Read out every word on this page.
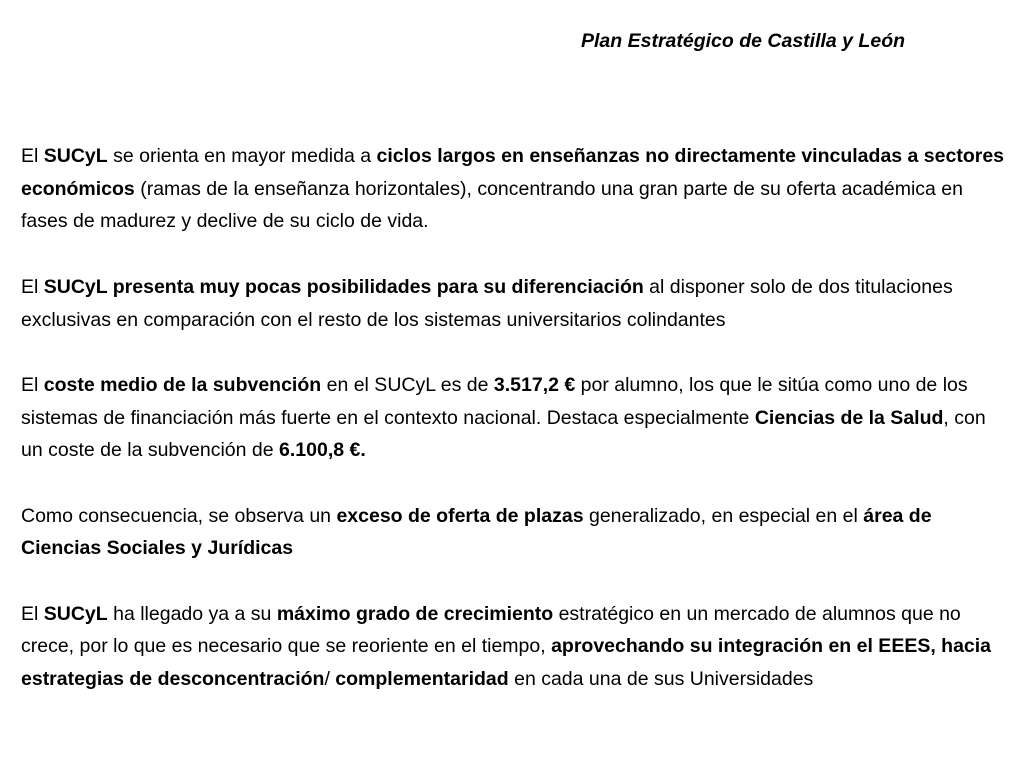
Plan Estratégico de Castilla y León

El SUCyL se orienta en mayor medida a ciclos largos en enseñanzas no directamente vinculadas a sectores económicos (ramas de la enseñanza horizontales), concentrando una gran parte de su oferta académica en fases de madurez y declive de su ciclo de vida.

El SUCyL presenta muy pocas posibilidades para su diferenciación al disponer solo de dos titulaciones exclusivas en comparación con el resto de los sistemas universitarios colindantes

El coste medio de la subvención en el SUCyL es de 3.517,2 € por alumno, los que le sitúa como uno de los sistemas de financiación más fuerte en el contexto nacional. Destaca especialmente Ciencias de la Salud, con un coste de la subvención de 6.100,8 €.

Como consecuencia, se observa un exceso de oferta de plazas generalizado, en especial en el área de Ciencias Sociales y Jurídicas

El SUCyL ha llegado ya a su máximo grado de crecimiento estratégico en un mercado de alumnos que no crece, por lo que es necesario que se reoriente en el tiempo, aprovechando su integración en el EEES, hacia estrategias de desconcentración/ complementaridad en cada una de sus Universidades
